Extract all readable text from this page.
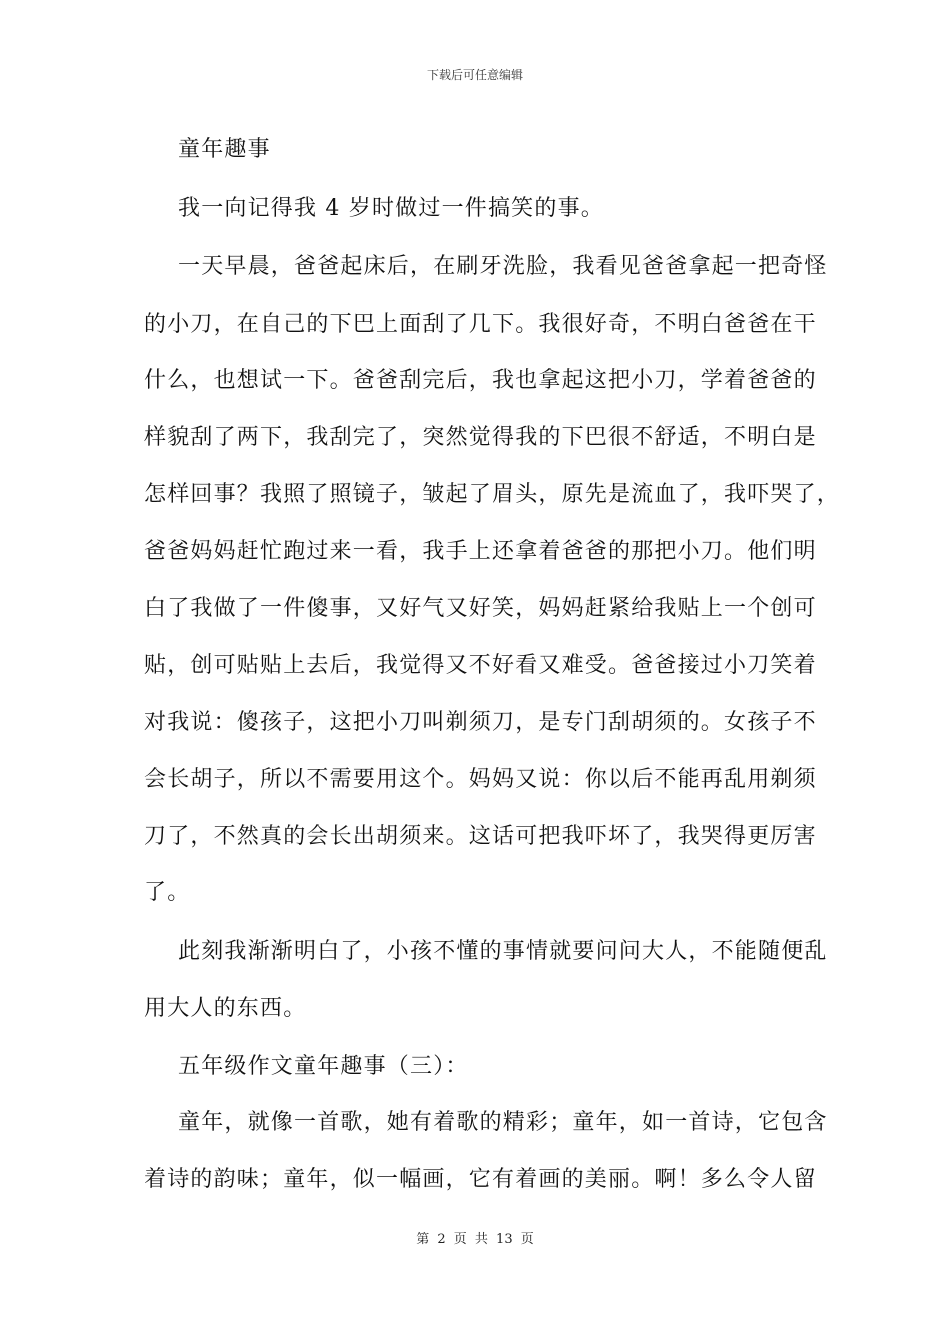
下载后可任意编辑
童年趣事
我一向记得我 4 岁时做过一件搞笑的事。
一天早晨，爸爸起床后，在刷牙洗脸，我看见爸爸拿起一把奇怪
的小刀，在自己的下巴上面刮了几下。我很好奇，不明白爸爸在干
什么，也想试一下。爸爸刮完后，我也拿起这把小刀，学着爸爸的
样貌刮了两下，我刮完了，突然觉得我的下巴很不舒适，不明白是
怎样回事？我照了照镜子，皱起了眉头，原先是流血了，我吓哭了，
爸爸妈妈赶忙跑过来一看，我手上还拿着爸爸的那把小刀。他们明
白了我做了一件傻事，又好气又好笑，妈妈赶紧给我贴上一个创可
贴，创可贴贴上去后，我觉得又不好看又难受。爸爸接过小刀笑着
对我说：傻孩子，这把小刀叫剃须刀，是专门刮胡须的。女孩子不
会长胡子，所以不需要用这个。妈妈又说：你以后不能再乱用剃须
刀了，不然真的会长出胡须来。这话可把我吓坏了，我哭得更厉害
了。
此刻我渐渐明白了，小孩不懂的事情就要问问大人，不能随便乱
用大人的东西。
五年级作文童年趣事（三）：
童年，就像一首歌，她有着歌的精彩；童年，如一首诗，它包含
着诗的韵味；童年，似一幅画，它有着画的美丽。啊！多么令人留
第 2 页 共 13 页
